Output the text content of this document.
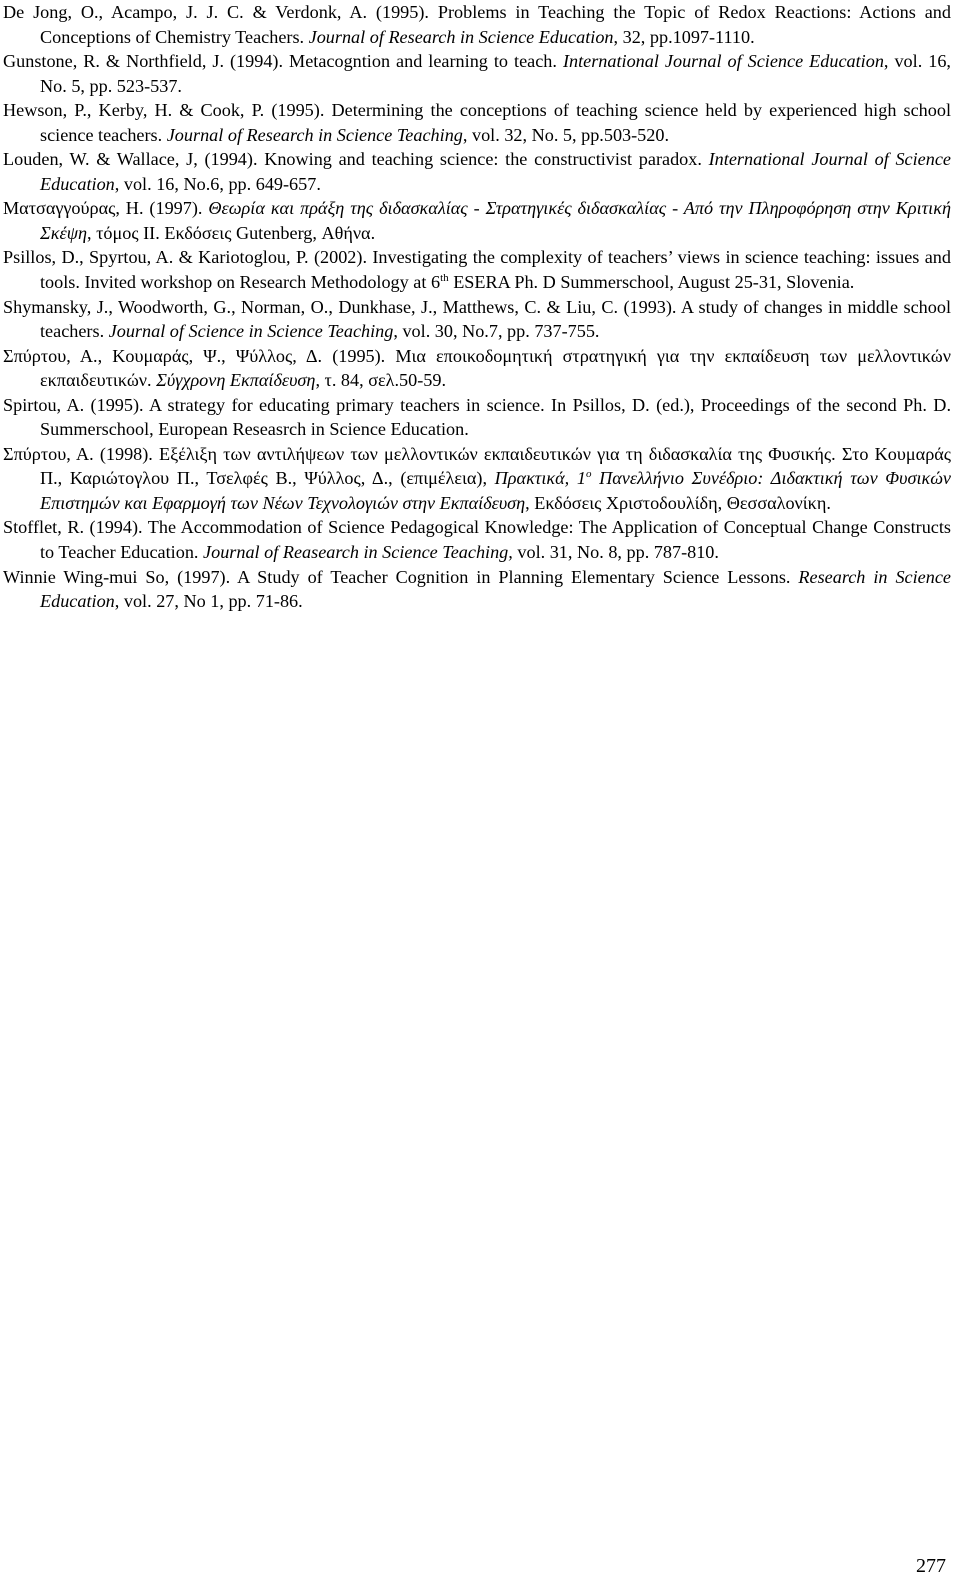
De Jong, O., Acampo, J. J. C. & Verdonk, A. (1995). Problems in Teaching the Topic of Redox Reactions: Actions and Conceptions of Chemistry Teachers. Journal of Research in Science Education, 32, pp.1097-1110.
Gunstone, R. & Northfield, J. (1994). Metacogntion and learning to teach. International Journal of Science Education, vol. 16, No. 5, pp. 523-537.
Hewson, P., Kerby, H. & Cook, P. (1995). Determining the conceptions of teaching science held by experienced high school science teachers. Journal of Research in Science Teaching, vol. 32, No. 5, pp.503-520.
Louden, W. & Wallace, J, (1994). Knowing and teaching science: the constructivist paradox. International Journal of Science Education, vol. 16, No.6, pp. 649-657.
Ματσαγγούρας, Η. (1997). Θεωρία και πράξη της διδασκαλίας - Στρατηγικές διδασκαλίας - Από την Πληροφόρηση στην Κριτική Σκέψη, τόμος ΙΙ. Εκδόσεις Gutenberg, Αθήνα.
Psillos, D., Spyrtou, A. & Kariotoglou, P. (2002). Investigating the complexity of teachers’ views in science teaching: issues and tools. Invited workshop on Research Methodology at 6th ESERA Ph. D Summerschool, August 25-31, Slovenia.
Shymansky, J., Woodworth, G., Norman, O., Dunkhase, J., Matthews, C. & Liu, C. (1993). A study of changes in middle school teachers. Journal of Science in Science Teaching, vol. 30, No.7, pp. 737-755.
Σπύρτου, Α., Κουμαράς, Ψ., Ψύλλος, Δ. (1995). Μια εποικοδομητική στρατηγική για την εκπαίδευση των μελλοντικών εκπαιδευτικών. Σύγχρονη Εκπαίδευση, τ. 84, σελ.50-59.
Spirtou, A. (1995). A strategy for educating primary teachers in science. In Psillos, D. (ed.), Proceedings of the second Ph. D. Summerschool, European Reseasrch in Science Education.
Σπύρτου, Α. (1998). Εξέλιξη των αντιλήψεων των μελλοντικών εκπαιδευτικών για τη διδασκαλία της Φυσικής. Στο Κουμαράς Π., Καριώτογλου Π., Τσελφές Β., Ψύλλος, Δ., (επιμέλεια), Πρακτικά, $1^o$ Πανελλήνιο Συνέδριο: Διδακτική των Φυσικών Επιστημών και Εφαρμογή των Νέων Τεχνολογιών στην Εκπαίδευση, Εκδόσεις Χριστοδουλίδη, Θεσσαλονίκη.
Stofflet, R. (1994). The Accommodation of Science Pedagogical Knowledge: The Application of Conceptual Change Constructs to Teacher Education. Journal of Reasearch in Science Teaching, vol. 31, No. 8, pp. 787-810.
Winnie Wing-mui So, (1997). A Study of Teacher Cognition in Planning Elementary Science Lessons. Research in Science Education, vol. 27, No 1, pp. 71-86.
277
